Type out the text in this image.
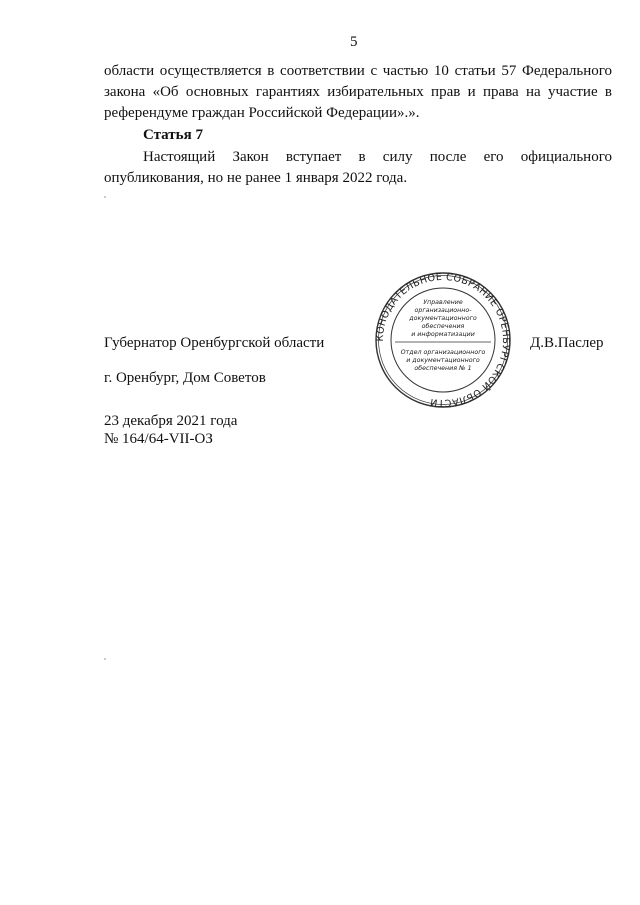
5
области осуществляется в соответствии с частью 10 статьи 57 Федерального
закона «Об основных гарантиях избирательных прав и права на участие в
референдуме граждан Российской Федерации».».
Статья 7
Настоящий Закон вступает в силу после его официального
опубликования, но не ранее 1 января 2022 года.
Губернатор Оренбургской области	Д.В.Паслер
г. Оренбург, Дом Советов
23 декабря 2021 года
№ 164/64-VII-ОЗ
КОНОДАТЕЛЬНОЕ СОБРАНИЕ ОРЕНБУРГСКОЙ ОБЛАСТИ
Управление
организационно-
документационного
обеспечения
и информатизации
Отдел организационного
и документационного
обеспечения № 1
